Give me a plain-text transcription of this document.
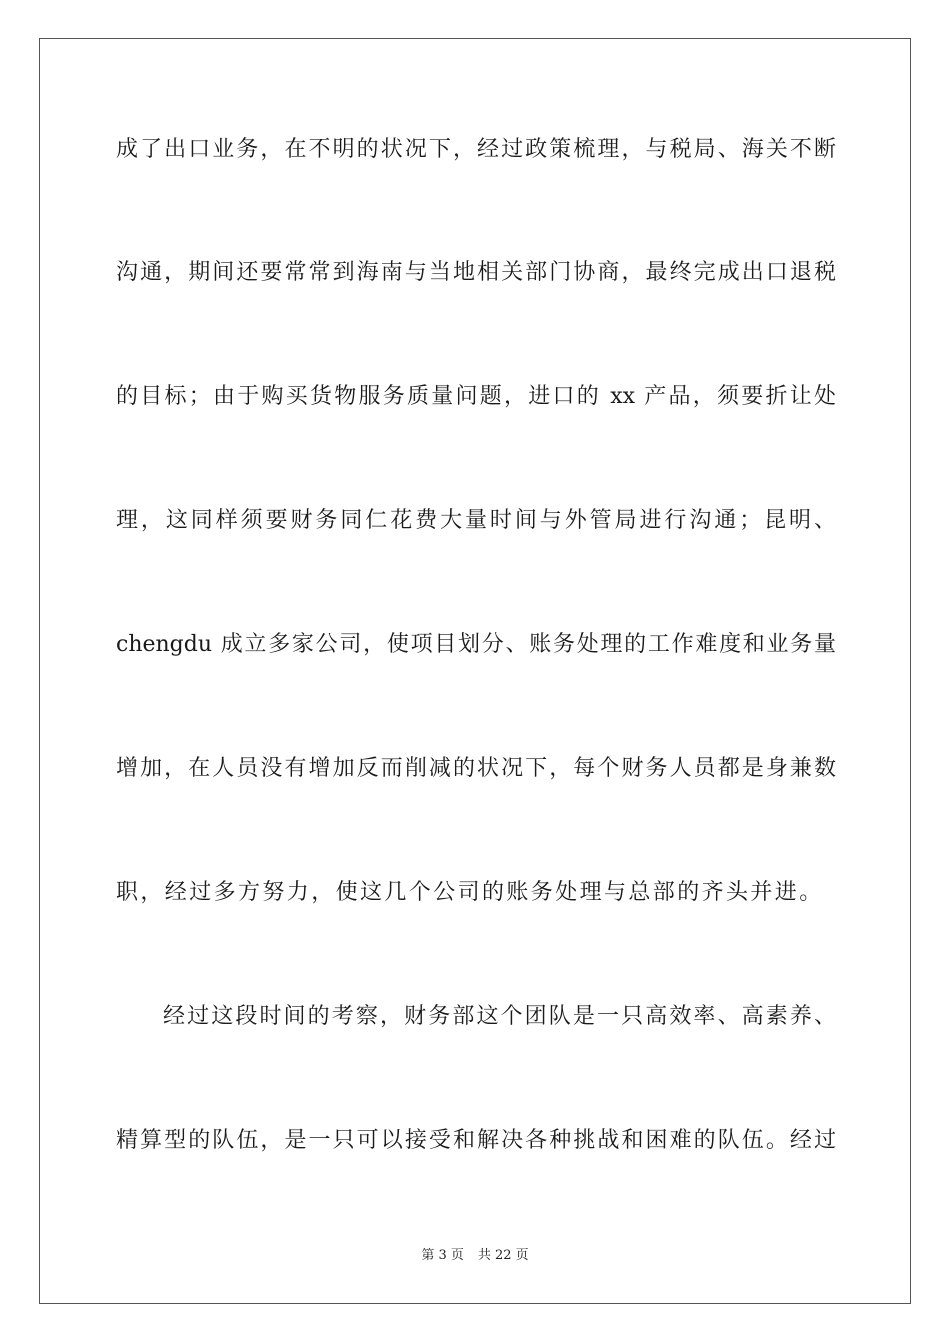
成了出口业务，在不明的状况下，经过政策梳理，与税局、海关不断
沟通，期间还要常常到海南与当地相关部门协商，最终完成出口退税
的目标；由于购买货物服务质量问题，进口的 xx 产品，须要折让处
理，这同样须要财务同仁花费大量时间与外管局进行沟通；昆明、
chengdu 成立多家公司，使项目划分、账务处理的工作难度和业务量
增加，在人员没有增加反而削减的状况下，每个财务人员都是身兼数
职，经过多方努力，使这几个公司的账务处理与总部的齐头并进。
经过这段时间的考察，财务部这个团队是一只高效率、高素养、
精算型的队伍，是一只可以接受和解决各种挑战和困难的队伍。经过
第 3 页 共 22 页
